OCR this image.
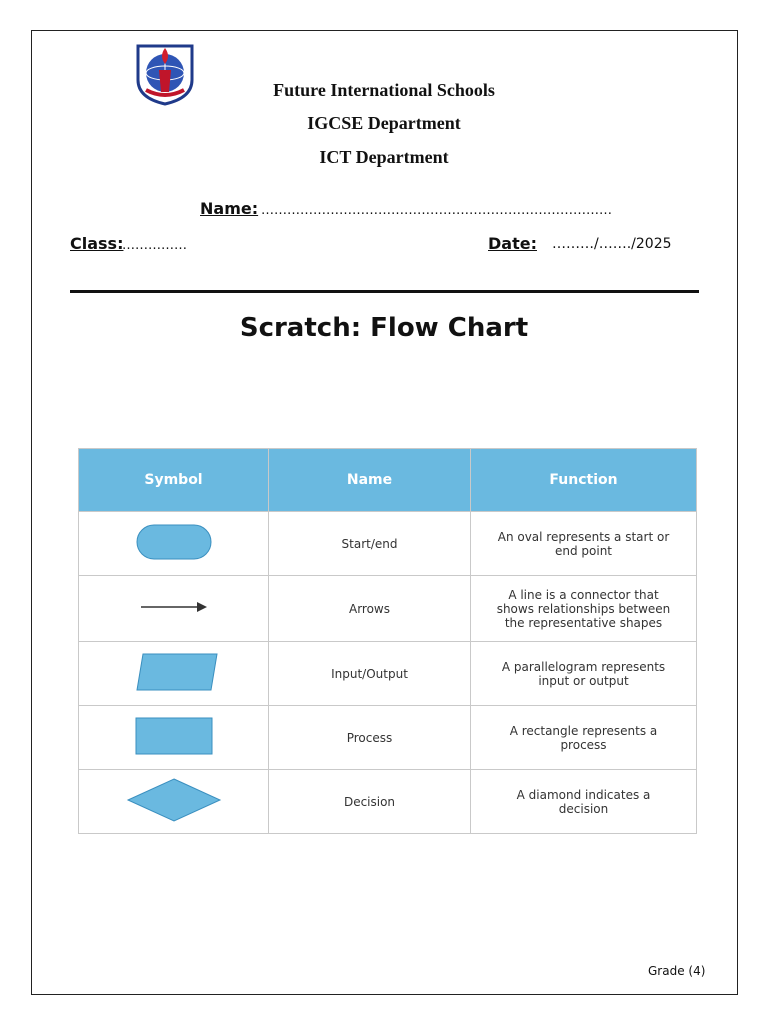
Future International Schools
IGCSE Department
ICT Department
Name: ………………………………………………………………………
Class:
……………	Date: ………/……./2025
Scratch: Flow Chart
Symbol	Name	Function
	Start/end	An oval represents a start or end point
	Arrows	A line is a connector that shows relationships between the representative shapes
	Input/Output	A parallelogram represents input or output
	Process	A rectangle represents a process
	Decision	A diamond indicates a decision
Grade (4)
